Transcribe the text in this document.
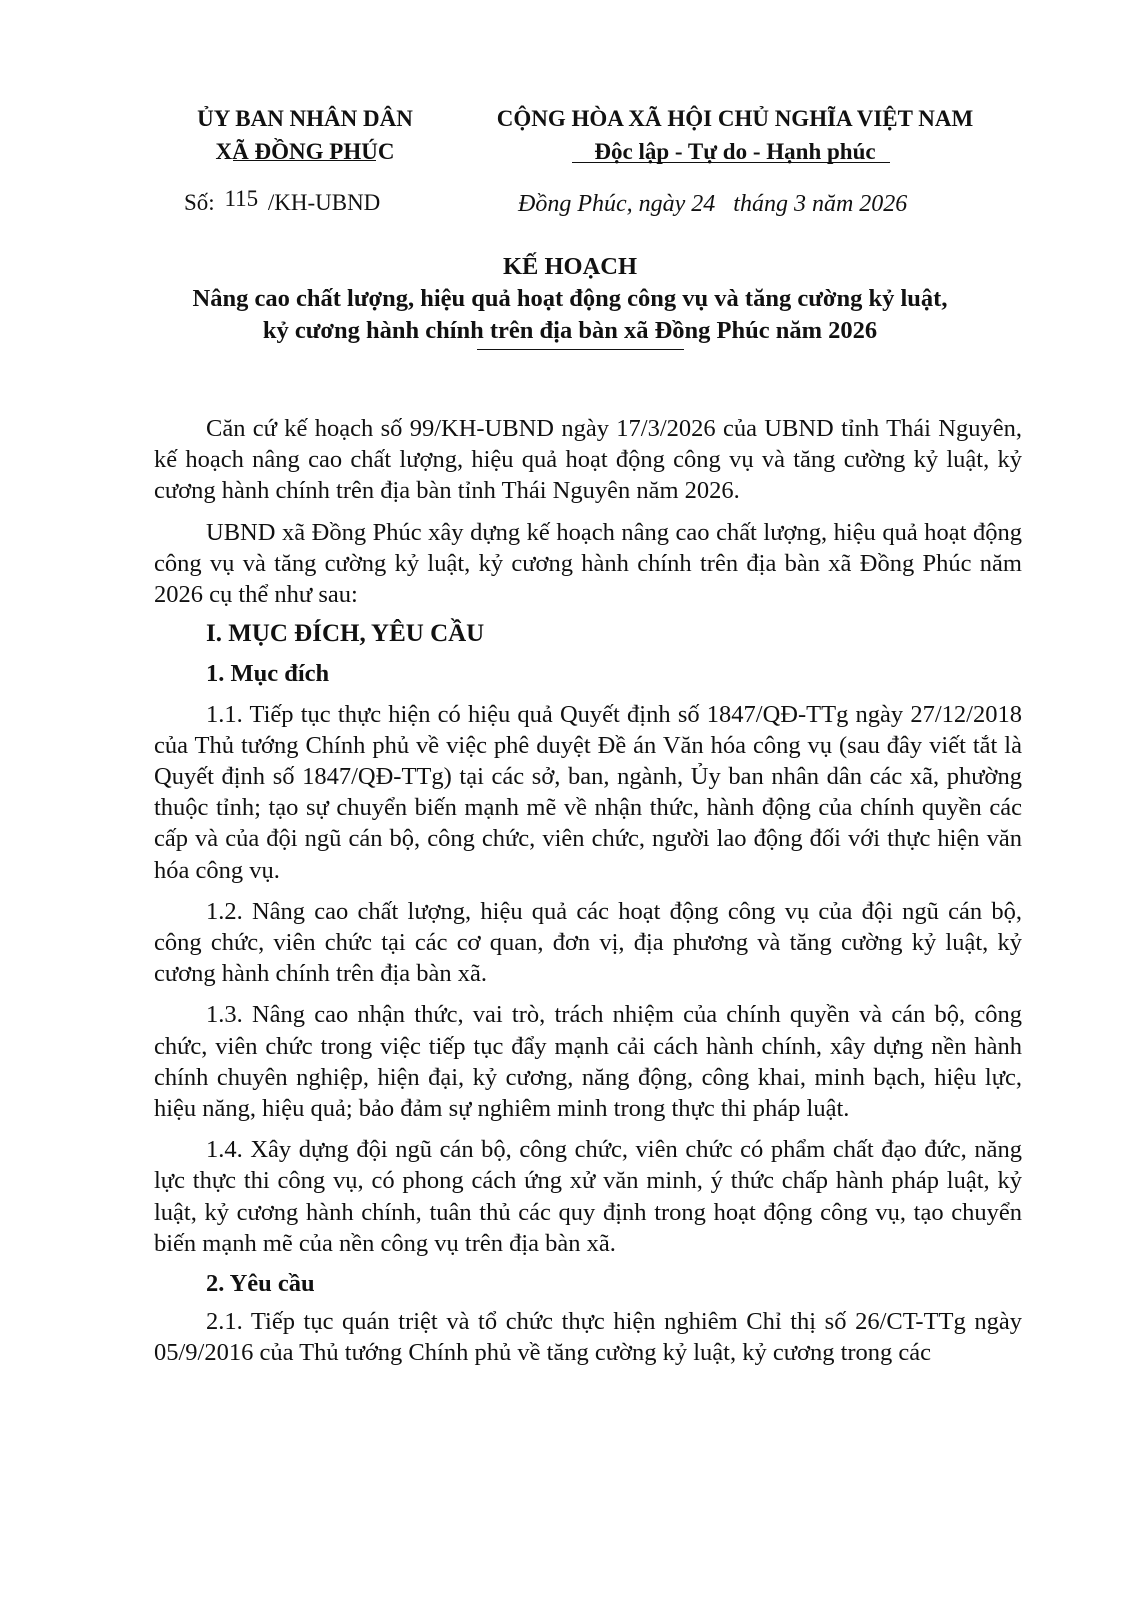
ỦY BAN NHÂN DÂN
XÃ ĐỒNG PHÚC
CỘNG HÒA XÃ HỘI CHỦ NGHĨA VIỆT NAM
Độc lập - Tự do - Hạnh phúc
Số: 115 /KH-UBND	Đồng Phúc, ngày 24 tháng 3 năm 2026
KẾ HOẠCH
Nâng cao chất lượng, hiệu quả hoạt động công vụ và tăng cường kỷ luật,
kỷ cương hành chính trên địa bàn xã Đồng Phúc năm 2026

Căn cứ kế hoạch số 99/KH-UBND ngày 17/3/2026 của UBND tỉnh Thái Nguyên, kế hoạch nâng cao chất lượng, hiệu quả hoạt động công vụ và tăng cường kỷ luật, kỷ cương hành chính trên địa bàn tỉnh Thái Nguyên năm 2026.

UBND xã Đồng Phúc xây dựng kế hoạch nâng cao chất lượng, hiệu quả hoạt động công vụ và tăng cường kỷ luật, kỷ cương hành chính trên địa bàn xã Đồng Phúc năm 2026 cụ thể như sau:

I. MỤC ĐÍCH, YÊU CẦU

1. Mục đích

1.1. Tiếp tục thực hiện có hiệu quả Quyết định số 1847/QĐ-TTg ngày 27/12/2018 của Thủ tướng Chính phủ về việc phê duyệt Đề án Văn hóa công vụ (sau đây viết tắt là Quyết định số 1847/QĐ-TTg) tại các sở, ban, ngành, Ủy ban nhân dân các xã, phường thuộc tỉnh; tạo sự chuyển biến mạnh mẽ về nhận thức, hành động của chính quyền các cấp và của đội ngũ cán bộ, công chức, viên chức, người lao động đối với thực hiện văn hóa công vụ.

1.2. Nâng cao chất lượng, hiệu quả các hoạt động công vụ của đội ngũ cán bộ, công chức, viên chức tại các cơ quan, đơn vị, địa phương và tăng cường kỷ luật, kỷ cương hành chính trên địa bàn xã.

1.3. Nâng cao nhận thức, vai trò, trách nhiệm của chính quyền và cán bộ, công chức, viên chức trong việc tiếp tục đẩy mạnh cải cách hành chính, xây dựng nền hành chính chuyên nghiệp, hiện đại, kỷ cương, năng động, công khai, minh bạch, hiệu lực, hiệu năng, hiệu quả; bảo đảm sự nghiêm minh trong thực thi pháp luật.

1.4. Xây dựng đội ngũ cán bộ, công chức, viên chức có phẩm chất đạo đức, năng lực thực thi công vụ, có phong cách ứng xử văn minh, ý thức chấp hành pháp luật, kỷ luật, kỷ cương hành chính, tuân thủ các quy định trong hoạt động công vụ, tạo chuyển biến mạnh mẽ của nền công vụ trên địa bàn xã.

2. Yêu cầu

2.1. Tiếp tục quán triệt và tổ chức thực hiện nghiêm Chỉ thị số 26/CT-TTg ngày 05/9/2016 của Thủ tướng Chính phủ về tăng cường kỷ luật, kỷ cương trong các
